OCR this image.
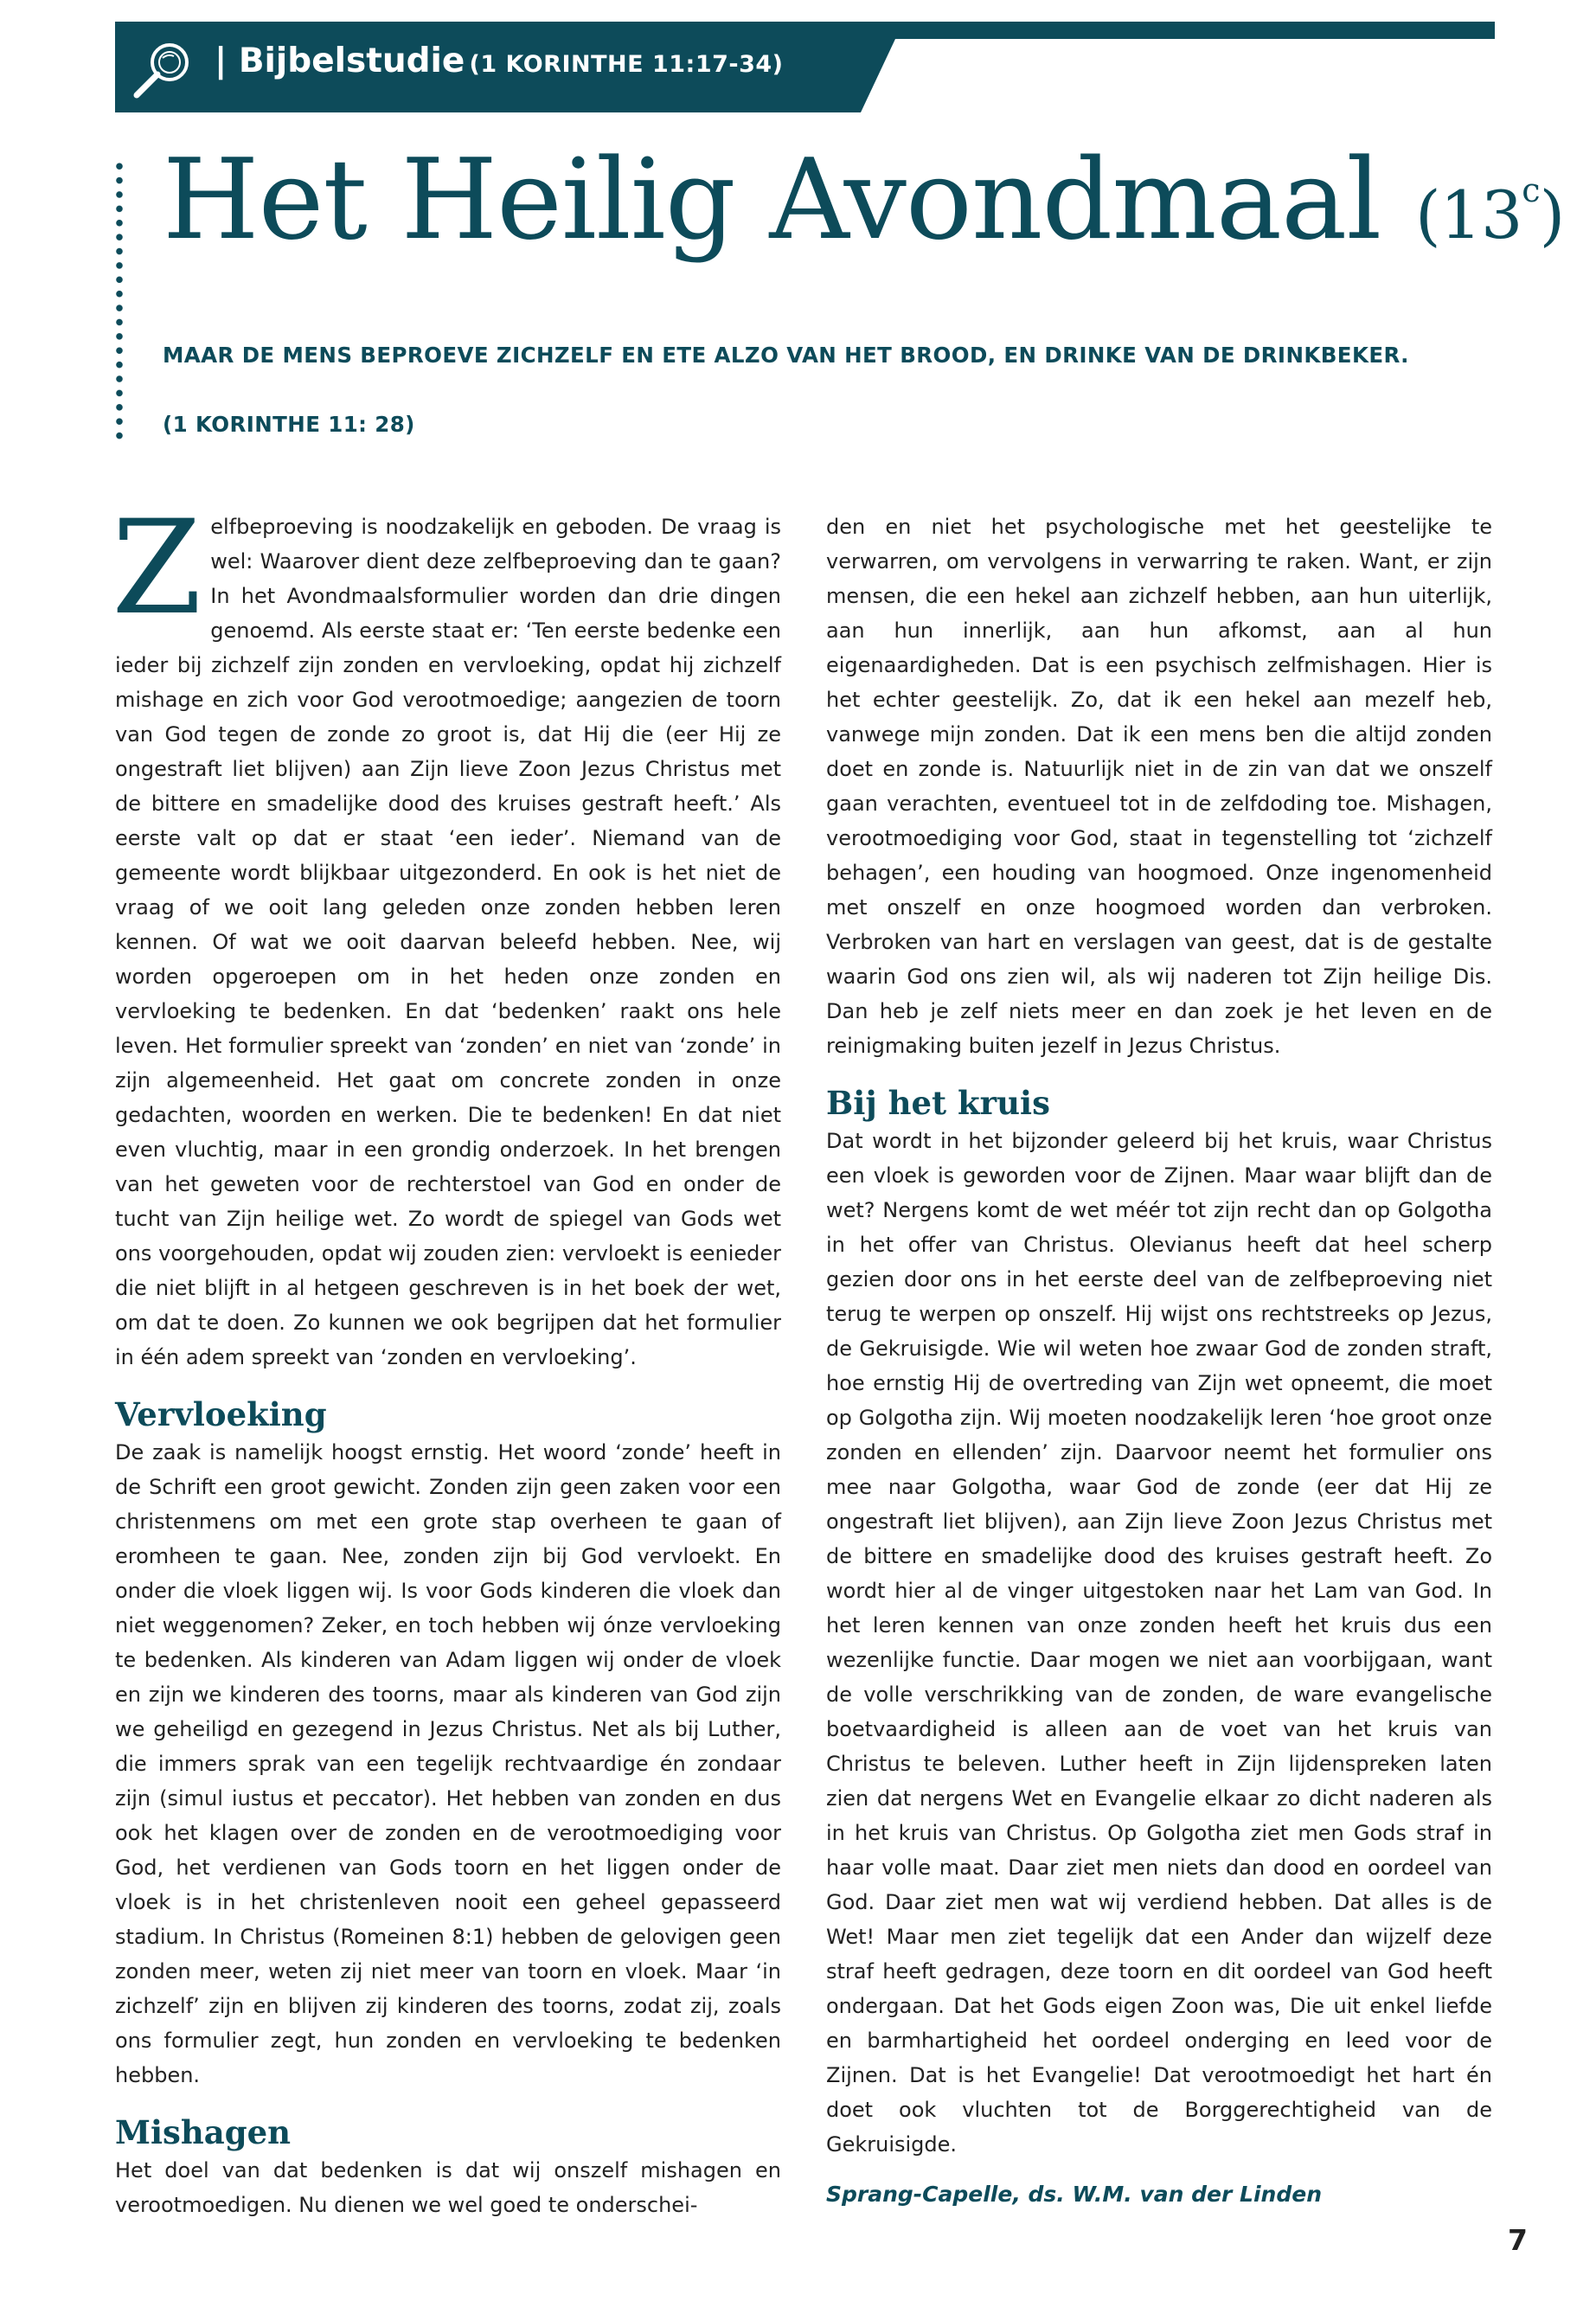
| Bijbelstudie (1 KORINTHE 11:17-34)
Het Heilig Avondmaal (13$^c$)
MAAR DE MENS BEPROEVE ZICHZELF EN ETE ALZO VAN HET BROOD, EN DRINKE VAN DE DRINKBEKER.
(1 KORINTHE 11: 28)

Zelfbeproeving is noodzakelijk en geboden. De vraag is wel: Waarover dient deze zelfbeproeving dan te gaan? In het Avondmaalsformulier worden dan drie dingen genoemd. Als eerste staat er: ‘Ten eerste bedenke een ieder bij zichzelf zijn zonden en vervloeking, opdat hij zichzelf mishage en zich voor God verootmoedige; aangezien de toorn van God tegen de zonde zo groot is, dat Hij die (eer Hij ze ongestraft liet blijven) aan Zijn lieve Zoon Jezus Christus met de bittere en smadelijke dood des kruises gestraft heeft.’ Als eerste valt op dat er staat ‘een ieder’. Niemand van de gemeente wordt blijkbaar uitgezonderd. En ook is het niet de vraag of we ooit lang geleden onze zonden hebben leren kennen. Of wat we ooit daarvan beleefd hebben. Nee, wij worden opgeroepen om in het heden onze zonden en vervloeking te bedenken. En dat ‘bedenken’ raakt ons hele leven. Het formulier spreekt van ‘zonden’ en niet van ‘zonde’ in zijn algemeenheid. Het gaat om concrete zonden in onze gedachten, woorden en werken. Die te bedenken! En dat niet even vluchtig, maar in een grondig onderzoek. In het brengen van het geweten voor de rechterstoel van God en onder de tucht van Zijn heilige wet. Zo wordt de spiegel van Gods wet ons voorgehouden, opdat wij zouden zien: vervloekt is eenieder die niet blijft in al hetgeen geschreven is in het boek der wet, om dat te doen. Zo kunnen we ook begrijpen dat het formulier in één adem spreekt van ‘zonden en vervloeking’.

Vervloeking

De zaak is namelijk hoogst ernstig. Het woord ‘zonde’ heeft in de Schrift een groot gewicht. Zonden zijn geen zaken voor een christenmens om met een grote stap overheen te gaan of eromheen te gaan. Nee, zonden zijn bij God vervloekt. En onder die vloek liggen wij. Is voor Gods kinderen die vloek dan niet weggenomen? Zeker, en toch hebben wij ónze vervloeking te bedenken. Als kinderen van Adam liggen wij onder de vloek en zijn we kinderen des toorns, maar als kinderen van God zijn we geheiligd en gezegend in Jezus Christus. Net als bij Luther, die immers sprak van een tegelijk rechtvaardige én zondaar zijn (simul iustus et peccator). Het hebben van zonden en dus ook het klagen over de zonden en de verootmoediging voor God, het verdienen van Gods toorn en het liggen onder de vloek is in het christenleven nooit een geheel gepasseerd stadium. In Christus (Romeinen 8:1) hebben de gelovigen geen zonden meer, weten zij niet meer van toorn en vloek. Maar ‘in zichzelf’ zijn en blijven zij kinderen des toorns, zodat zij, zoals ons formulier zegt, hun zonden en vervloeking te bedenken hebben.

Mishagen

Het doel van dat bedenken is dat wij onszelf mishagen en verootmoedigen. Nu dienen we wel goed te onderschei-

den en niet het psychologische met het geestelijke te verwarren, om vervolgens in verwarring te raken. Want, er zijn mensen, die een hekel aan zichzelf hebben, aan hun uiterlijk, aan hun innerlijk, aan hun afkomst, aan al hun eigenaardigheden. Dat is een psychisch zelfmishagen. Hier is het echter geestelijk. Zo, dat ik een hekel aan mezelf heb, vanwege mijn zonden. Dat ik een mens ben die altijd zonden doet en zonde is. Natuurlijk niet in de zin van dat we onszelf gaan verachten, eventueel tot in de zelfdoding toe. Mishagen, verootmoediging voor God, staat in tegenstelling tot ‘zichzelf behagen’, een houding van hoogmoed. Onze ingenomenheid met onszelf en onze hoogmoed worden dan verbroken. Verbroken van hart en verslagen van geest, dat is de gestalte waarin God ons zien wil, als wij naderen tot Zijn heilige Dis. Dan heb je zelf niets meer en dan zoek je het leven en de reinigmaking buiten jezelf in Jezus Christus.

Bij het kruis

Dat wordt in het bijzonder geleerd bij het kruis, waar Christus een vloek is geworden voor de Zijnen. Maar waar blijft dan de wet? Nergens komt de wet méér tot zijn recht dan op Golgotha in het offer van Christus. Olevianus heeft dat heel scherp gezien door ons in het eerste deel van de zelfbeproeving niet terug te werpen op onszelf. Hij wijst ons rechtstreeks op Jezus, de Gekruisigde. Wie wil weten hoe zwaar God de zonden straft, hoe ernstig Hij de overtreding van Zijn wet opneemt, die moet op Golgotha zijn. Wij moeten noodzakelijk leren ‘hoe groot onze zonden en ellenden’ zijn. Daarvoor neemt het formulier ons mee naar Golgotha, waar God de zonde (eer dat Hij ze ongestraft liet blijven), aan Zijn lieve Zoon Jezus Christus met de bittere en smadelijke dood des kruises gestraft heeft. Zo wordt hier al de vinger uitgestoken naar het Lam van God. In het leren kennen van onze zonden heeft het kruis dus een wezenlijke functie. Daar mogen we niet aan voorbijgaan, want de volle verschrikking van de zonden, de ware evangelische boetvaardigheid is alleen aan de voet van het kruis van Christus te beleven. Luther heeft in Zijn lijdenspreken laten zien dat nergens Wet en Evangelie elkaar zo dicht naderen als in het kruis van Christus. Op Golgotha ziet men Gods straf in haar volle maat. Daar ziet men niets dan dood en oordeel van God. Daar ziet men wat wij verdiend hebben. Dat alles is de Wet! Maar men ziet tegelijk dat een Ander dan wijzelf deze straf heeft gedragen, deze toorn en dit oordeel van God heeft ondergaan. Dat het Gods eigen Zoon was, Die uit enkel liefde en barmhartigheid het oordeel onderging en leed voor de Zijnen. Dat is het Evangelie! Dat verootmoedigt het hart én doet ook vluchten tot de Borggerechtigheid van de Gekruisigde.

Sprang-Capelle, ds. W.M. van der Linden
7
